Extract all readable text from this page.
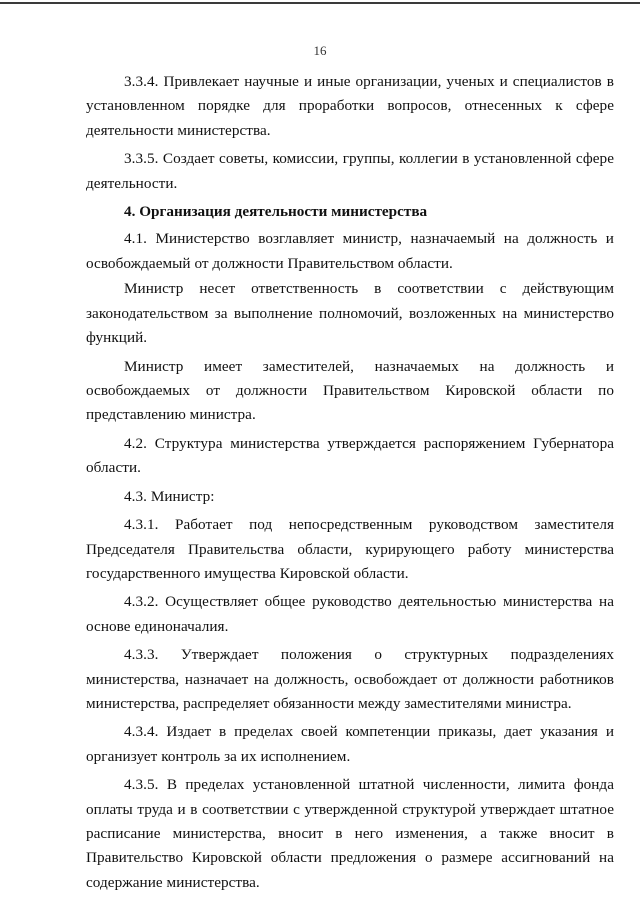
16

3.3.4. Привлекает научные и иные организации, ученых и специалистов в установленном порядке для проработки вопросов, отнесенных к сфере деятельности министерства.

3.3.5. Создает советы, комиссии, группы, коллегии в установленной сфере деятельности.

4. Организация деятельности министерства

4.1. Министерство возглавляет министр, назначаемый на должность и освобождаемый от должности Правительством области.

Министр несет ответственность в соответствии с действующим законодательством за выполнение полномочий, возложенных на министерство функций.

Министр имеет заместителей, назначаемых на должность и освобождаемых от должности Правительством Кировской области по представлению министра.

4.2. Структура министерства утверждается распоряжением Губернатора области.

4.3. Министр:

4.3.1. Работает под непосредственным руководством заместителя Председателя Правительства области, курирующего работу министерства государственного имущества Кировской области.

4.3.2. Осуществляет общее руководство деятельностью министерства на основе единоначалия.

4.3.3. Утверждает положения о структурных подразделениях министерства, назначает на должность, освобождает от должности работников министерства, распределяет обязанности между заместителями министра.

4.3.4. Издает в пределах своей компетенции приказы, дает указания и организует контроль за их исполнением.

4.3.5. В пределах установленной штатной численности, лимита фонда оплаты труда и в соответствии с утвержденной структурой утверждает штатное расписание министерства, вносит в него изменения, а также вносит в Правительство Кировской области предложения о размере ассигнований на содержание министерства.
